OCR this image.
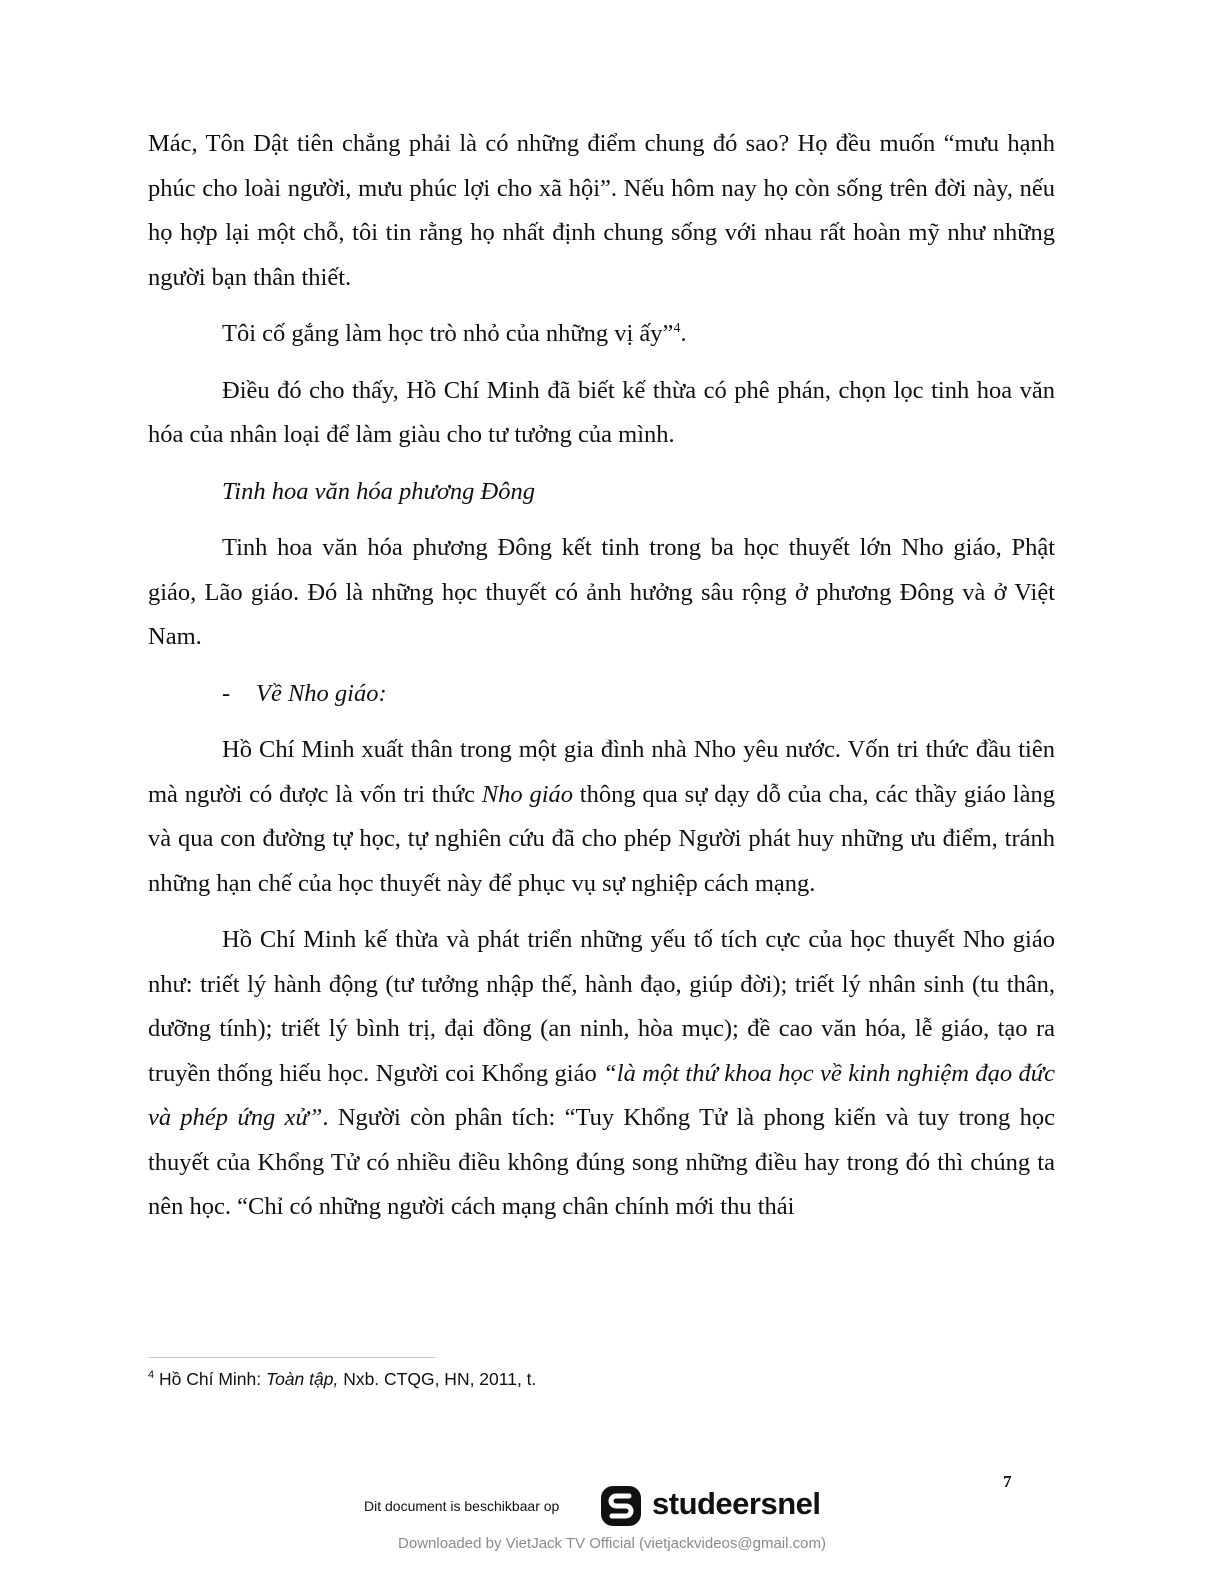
Mác, Tôn Dật tiên chẳng phải là có những điểm chung đó sao? Họ đều muốn “mưu hạnh phúc cho loài người, mưu phúc lợi cho xã hội”. Nếu hôm nay họ còn sống trên đời này, nếu họ hợp lại một chỗ, tôi tin rằng họ nhất định chung sống với nhau rất hoàn mỹ như những người bạn thân thiết.

Tôi cố gắng làm học trò nhỏ của những vị ấy”$^4$.

Điều đó cho thấy, Hồ Chí Minh đã biết kế thừa có phê phán, chọn lọc tinh hoa văn hóa của nhân loại để làm giàu cho tư tưởng của mình.

Tinh hoa văn hóa phương Đông

Tinh hoa văn hóa phương Đông kết tinh trong ba học thuyết lớn Nho giáo, Phật giáo, Lão giáo. Đó là những học thuyết có ảnh hưởng sâu rộng ở phương Đông và ở Việt Nam.

- Về Nho giáo:

Hồ Chí Minh xuất thân trong một gia đình nhà Nho yêu nước. Vốn tri thức đầu tiên mà người có được là vốn tri thức Nho giáo thông qua sự dạy dỗ của cha, các thầy giáo làng và qua con đường tự học, tự nghiên cứu đã cho phép Người phát huy những ưu điểm, tránh những hạn chế của học thuyết này để phục vụ sự nghiệp cách mạng.

Hồ Chí Minh kế thừa và phát triển những yếu tố tích cực của học thuyết Nho giáo như: triết lý hành động (tư tưởng nhập thế, hành đạo, giúp đời); triết lý nhân sinh (tu thân, dưỡng tính); triết lý bình trị, đại đồng (an ninh, hòa mục); đề cao văn hóa, lễ giáo, tạo ra truyền thống hiếu học. Người coi Khổng giáo “là một thứ khoa học về kinh nghiệm đạo đức và phép ứng xử”. Người còn phân tích: “Tuy Khổng Tử là phong kiến và tuy trong học thuyết của Khổng Tử có nhiều điều không đúng song những điều hay trong đó thì chúng ta nên học. “Chỉ có những người cách mạng chân chính mới thu thái

$^4$ Hồ Chí Minh: Toàn tập, Nxb. CTQG, HN, 2011, t.
7
Dit document is beschikbaar op	studeersnel
Downloaded by VietJack TV Official (vietjackvideos@gmail.com)
